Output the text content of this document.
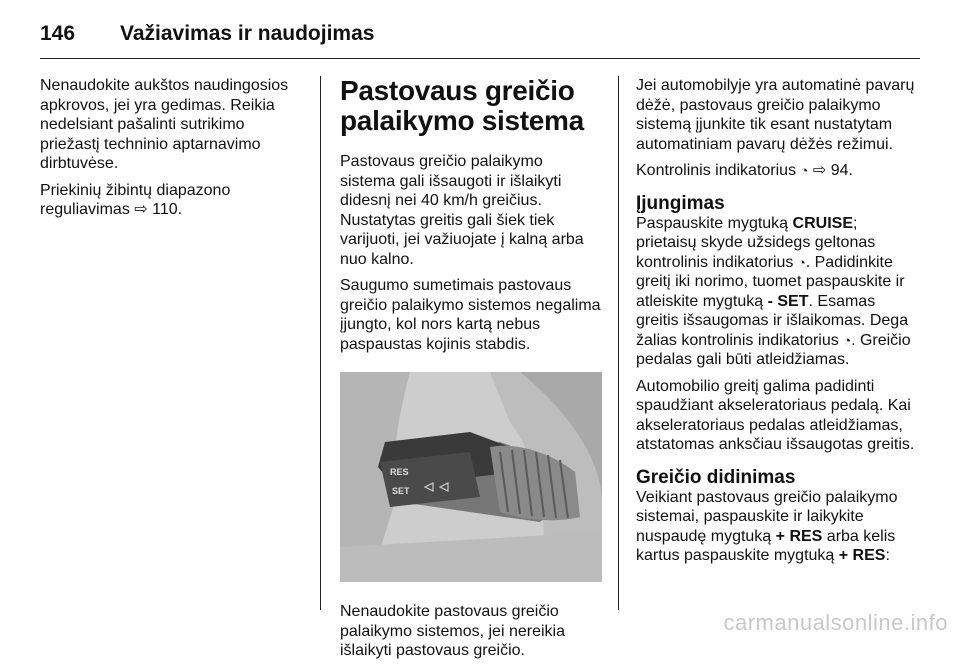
146 Važiavimas ir naudojimas

Nenaudokite aukštos naudingosios apkrovos, jei yra gedimas. Reikia nedelsiant pašalinti sutrikimo priežastį techninio aptarnavimo dirbtuvėse.

Priekinių žibintų diapazono reguliavimas ⇨ 110.

Pastovaus greičio palaikymo sistema

Pastovaus greičio palaikymo sistema gali išsaugoti ir išlaikyti didesnį nei 40 km/h greičius. Nustatytas greitis gali šiek tiek varijuoti, jei važiuojate į kalną arba nuo kalno.

Saugumo sumetimais pastovaus greičio palaikymo sistemos negalima įjungto, kol nors kartą nebus paspaustas kojinis stabdis.

RES
SET

Nenaudokite pastovaus greičio palaikymo sistemos, jei nereikia išlaikyti pastovaus greičio.

Jei automobilyje yra automatinė pavarų dėžė, pastovaus greičio palaikymo sistemą įjunkite tik esant nustatytam automatiniam pavarų dėžės režimui.

Kontrolinis indikatorius ◔ ⇨ 94.

Įjungimas

Paspauskite mygtuką CRUISE; prietaisų skyde užsidegs geltonas kontrolinis indikatorius ◔. Padidinkite greitį iki norimo, tuomet paspauskite ir atleiskite mygtuką - SET. Esamas greitis išsaugomas ir išlaikomas. Dega žalias kontrolinis indikatorius ◔. Greičio pedalas gali būti atleidžiamas.

Automobilio greitį galima padidinti spaudžiant akseleratoriaus pedalą. Kai akseleratoriaus pedalas atleidžiamas, atstatomas anksčiau išsaugotas greitis.

Greičio didinimas

Veikiant pastovaus greičio palaikymo sistemai, paspauskite ir laikykite nuspaudę mygtuką + RES arba kelis kartus paspauskite mygtuką + RES:

carmanualsonline.info
